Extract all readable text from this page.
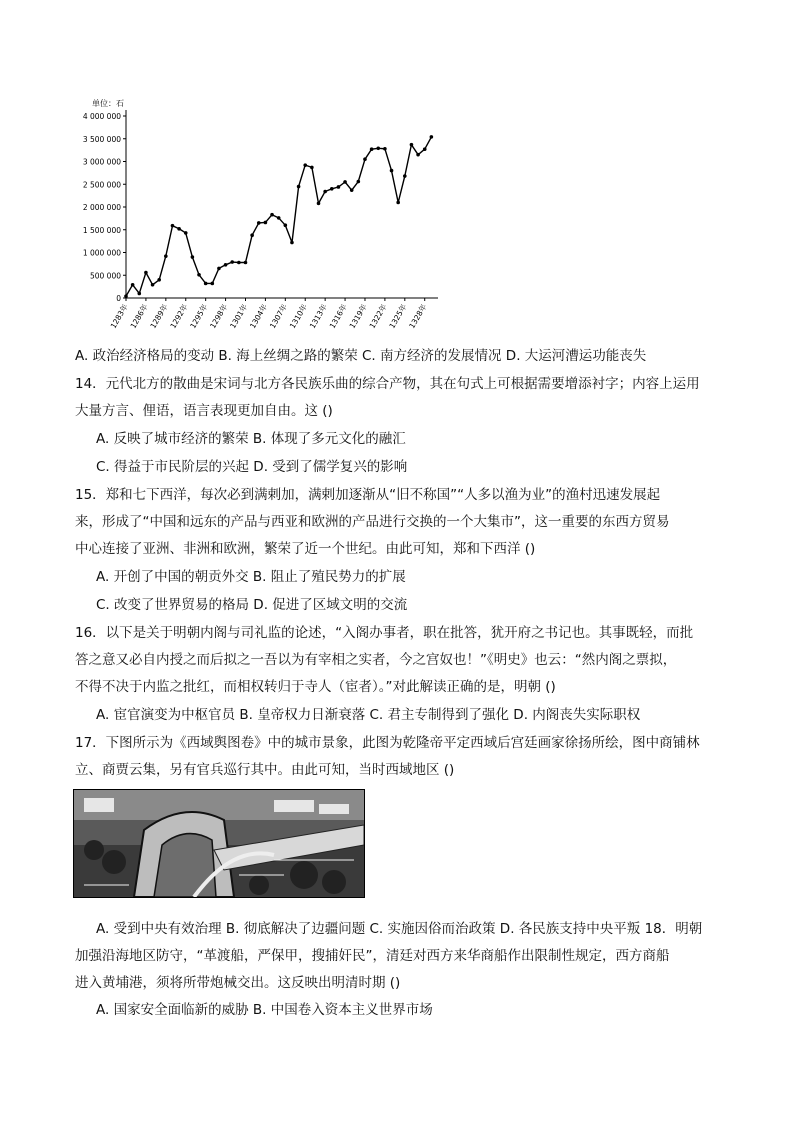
单位：石
4 000 000
3 500 000
3 000 000
2 500 000
2 000 000
1 500 000
1 000 000
500 000
0
1283年
1286年
1289年
1292年
1295年
1298年
1301年
1304年
1307年
1310年
1313年
1316年
1319年
1322年
1325年
1328年
A. 政治经济格局的变动 B. 海上丝绸之路的繁荣 C. 南方经济的发展情况 D. 大运河漕运功能丧失
14．元代北方的散曲是宋词与北方各民族乐曲的综合产物，其在句式上可根据需要增添衬字；内容上运用
大量方言、俚语，语言表现更加自由。这 ()
A. 反映了城市经济的繁荣 B. 体现了多元文化的融汇
C. 得益于市民阶层的兴起 D. 受到了儒学复兴的影响
15．郑和七下西洋，每次必到满剌加，满剌加逐渐从“旧不称国”“人多以渔为业”的渔村迅速发展起
来，形成了“中国和远东的产品与西亚和欧洲的产品进行交换的一个大集市”，这一重要的东西方贸易
中心连接了亚洲、非洲和欧洲，繁荣了近一个世纪。由此可知，郑和下西洋 ()
A. 开创了中国的朝贡外交 B. 阻止了殖民势力的扩展
C. 改变了世界贸易的格局 D. 促进了区域文明的交流
16．以下是关于明朝内阁与司礼监的论述，“入阁办事者，职在批答，犹开府之书记也。其事既轻，而批
答之意又必自内授之而后拟之一吾以为有宰相之实者，今之宫奴也！”《明史》也云：“然内阁之票拟，
不得不决于内监之批红，而相权转归于寺人（宦者）。”对此解读正确的是，明朝 ()
A. 宦官演变为中枢官员 B. 皇帝权力日渐衰落 C. 君主专制得到了强化 D. 内阁丧失实际职权
17．下图所示为《西域舆图卷》中的城市景象，此图为乾隆帝平定西域后宫廷画家徐扬所绘，图中商铺林
立、商贾云集，另有官兵巡行其中。由此可知，当时西域地区 ()
A. 受到中央有效治理 B. 彻底解决了边疆问题 C. 实施因俗而治政策 D. 各民族支持中央平叛 18．明朝
加强沿海地区防守，“革渡船，严保甲，搜捕奸民”，清廷对西方来华商船作出限制性规定，西方商船
进入黄埔港，须将所带炮械交出。这反映出明清时期 ()
A. 国家安全面临新的威胁 B. 中国卷入资本主义世界市场
